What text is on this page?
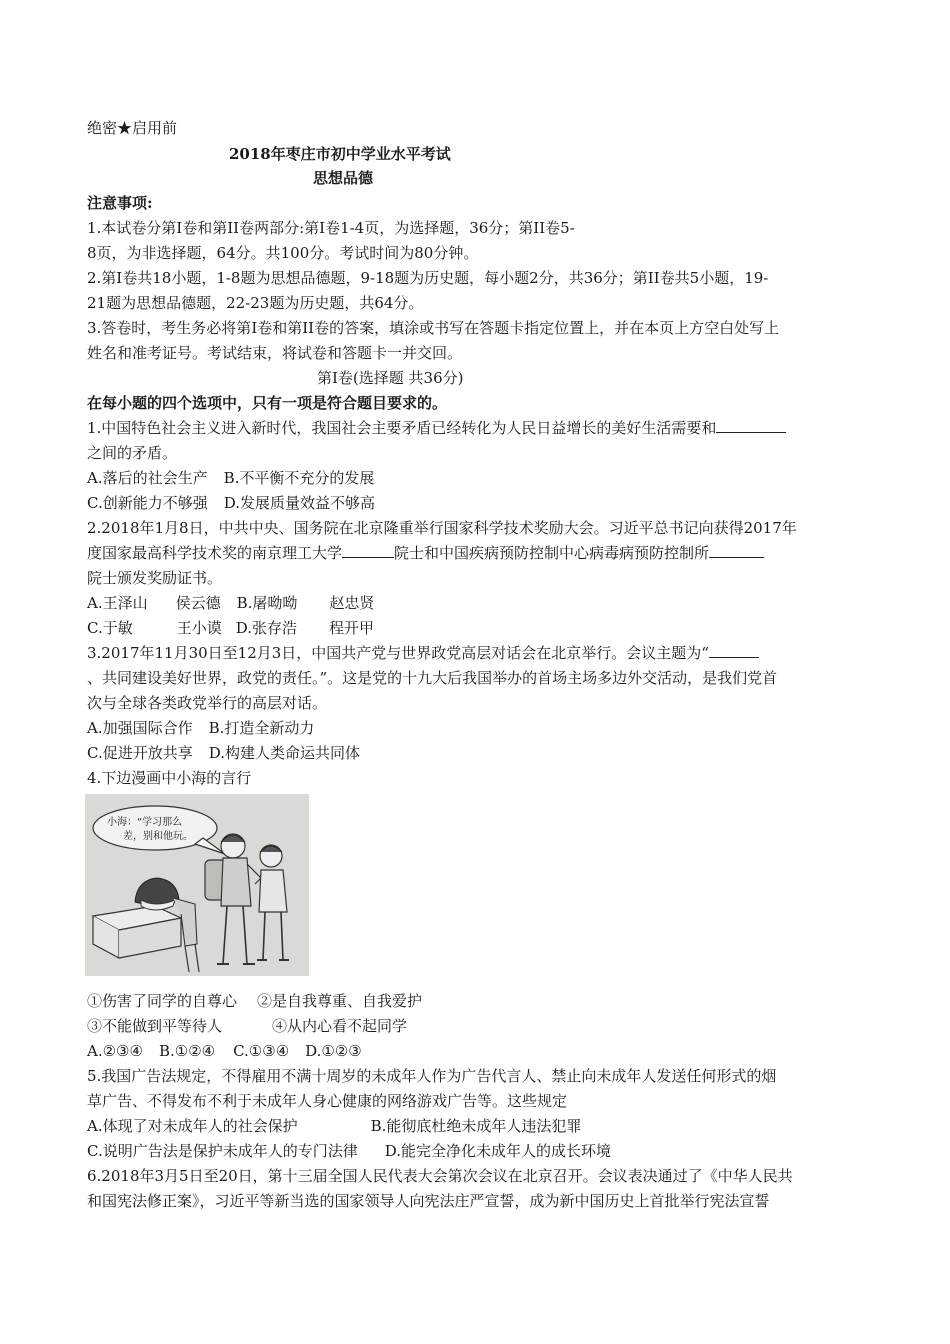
绝密★启用前
2018年枣庄市初中学业水平考试
思想品德
注意事项:
1.本试卷分第I卷和第II卷两部分:第I卷1-4页，为选择题，36分；第II卷5-
8页，为非选择题，64分。共100分。考试时间为80分钟。
2.第I卷共18小题，1-8题为思想品德题，9-18题为历史题，每小题2分，共36分；第II卷共5小题，19-
21题为思想品德题，22-23题为历史题，共64分。
3.答卷时，考生务必将第I卷和第II卷的答案，填涂或书写在答题卡指定位置上，并在本页上方空白处写上
姓名和准考证号。考试结束，将试卷和答题卡一并交回。
第I卷(选择题 共36分)
在每小题的四个选项中，只有一项是符合题目要求的。
1.中国特色社会主义进入新时代，我国社会主要矛盾已经转化为人民日益增长的美好生活需要和
之间的矛盾。
A.落后的社会生产 B.不平衡不充分的发展
C.创新能力不够强 D.发展质量效益不够高
2.2018年1月8日，中共中央、国务院在北京隆重举行国家科学技术奖励大会。习近平总书记向获得2017年
度国家最高科学技术奖的南京理工大学	院士和中国疾病预防控制中心病毒病预防控制所
院士颁发奖励证书。
A.王泽山 侯云德 B.屠呦呦 赵忠贤
C.于敏	王小谟 D.张存浩 程开甲
3.2017年11月30日至12月3日，中国共产党与世界政党高层对话会在北京举行。会议主题为“
、共同建设美好世界，政党的责任。”。这是党的十九大后我国举办的首场主场多边外交活动，是我们党首
次与全球各类政党举行的高层对话。
A.加强国际合作 B.打造全新动力
C.促进开放共享 D.构建人类命运共同体
4.下边漫画中小海的言行
小海：“学习那么
差，别和他玩。
①伤害了同学的自尊心 ②是自我尊重、自我爱护
③不能做到平等待人	④从内心看不起同学
A.②③④ B.①②④ C.①③④ D.①②③
5.我国广告法规定，不得雇用不满十周岁的未成年人作为广告代言人、禁止向未成年人发送任何形式的烟
草广告、不得发布不利于未成年人身心健康的网络游戏广告等。这些规定
A.体现了对未成年人的社会保护	B.能彻底杜绝未成年人违法犯罪
C.说明广告法是保护未成年人的专门法律 D.能完全净化未成年人的成长环境
6.2018年3月5日至20日，第十三届全国人民代表大会第次会议在北京召开。会议表决通过了《中华人民共
和国宪法修正案》，习近平等新当选的国家领导人向宪法庄严宣誓，成为新中国历史上首批举行宪法宣誓
